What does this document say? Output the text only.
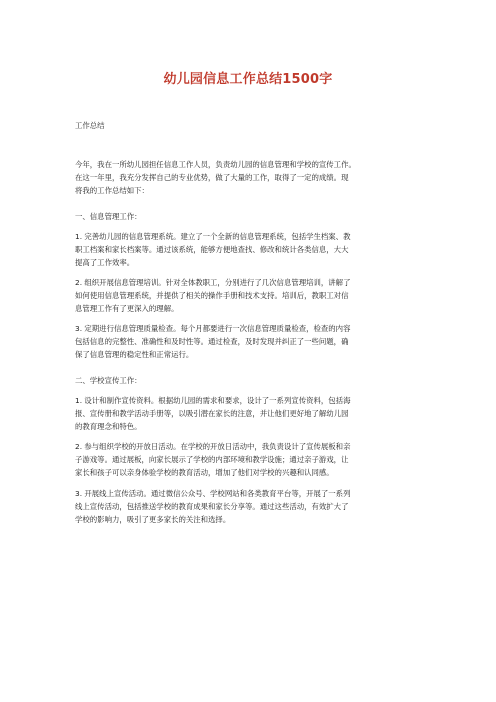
幼儿园信息工作总结1500字
工作总结
今年，我在一所幼儿园担任信息工作人员，负责幼儿园的信息管理和学校的宣传工作。
在这一年里，我充分发挥自己的专业优势，做了大量的工作，取得了一定的成绩。现
将我的工作总结如下：
一、信息管理工作：
1. 完善幼儿园的信息管理系统。建立了一个全新的信息管理系统，包括学生档案、教
职工档案和家长档案等。通过该系统，能够方便地查找、修改和统计各类信息，大大
提高了工作效率。
2. 组织开展信息管理培训。针对全体教职工，分别进行了几次信息管理培训，讲解了
如何使用信息管理系统，并提供了相关的操作手册和技术支持。培训后，教职工对信
息管理工作有了更深入的理解。
3. 定期进行信息管理质量检查。每个月都要进行一次信息管理质量检查，检查的内容
包括信息的完整性、准确性和及时性等。通过检查，及时发现并纠正了一些问题，确
保了信息管理的稳定性和正常运行。
二、学校宣传工作：
1. 设计和制作宣传资料。根据幼儿园的需求和要求，设计了一系列宣传资料，包括海
报、宣传册和教学活动手册等，以吸引潜在家长的注意，并让他们更好地了解幼儿园
的教育理念和特色。
2. 参与组织学校的开放日活动。在学校的开放日活动中，我负责设计了宣传展板和亲
子游戏等。通过展板，向家长展示了学校的内部环境和教学设施；通过亲子游戏，让
家长和孩子可以亲身体验学校的教育活动，增加了他们对学校的兴趣和认同感。
3. 开展线上宣传活动。通过微信公众号、学校网站和各类教育平台等，开展了一系列
线上宣传活动，包括推送学校的教育成果和家长分享等。通过这些活动，有效扩大了
学校的影响力，吸引了更多家长的关注和选择。
